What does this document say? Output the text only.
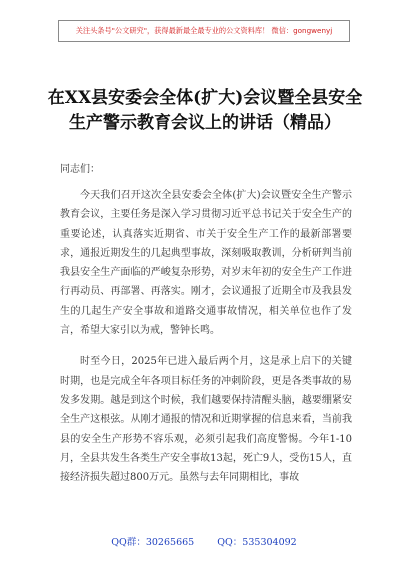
关注头条号"公文研究"，获得最新最全最专业的公文资料库！ 微信：gongwenyj
在XX县安委会全体(扩大)会议暨全县安全生产警示教育会议上的讲话（精品）
同志们：

今天我们召开这次全县安委会全体(扩大)会议暨安全生产警示教育会议，主要任务是深入学习贯彻习近平总书记关于安全生产的重要论述，认真落实近期省、市关于安全生产工作的最新部署要求，通报近期发生的几起典型事故，深刻吸取教训，分析研判当前我县安全生产面临的严峻复杂形势，对岁末年初的安全生产工作进行再动员、再部署、再落实。刚才，会议通报了近期全市及我县发生的几起生产安全事故和道路交通事故情况，相关单位也作了发言，希望大家引以为戒，警钟长鸣。

时至今日，2025年已进入最后两个月，这是承上启下的关键时期，也是完成全年各项目标任务的冲刺阶段，更是各类事故的易发多发期。越是到这个时候，我们越要保持清醒头脑，越要绷紧安全生产这根弦。从刚才通报的情况和近期掌握的信息来看，当前我县的安全生产形势不容乐观，必须引起我们高度警惕。今年1-10月，全县共发生各类生产安全事故13起，死亡9人，受伤15人，直接经济损失超过800万元。虽然与去年同期相比，事故

QQ群：30265665 QQ：535304092
